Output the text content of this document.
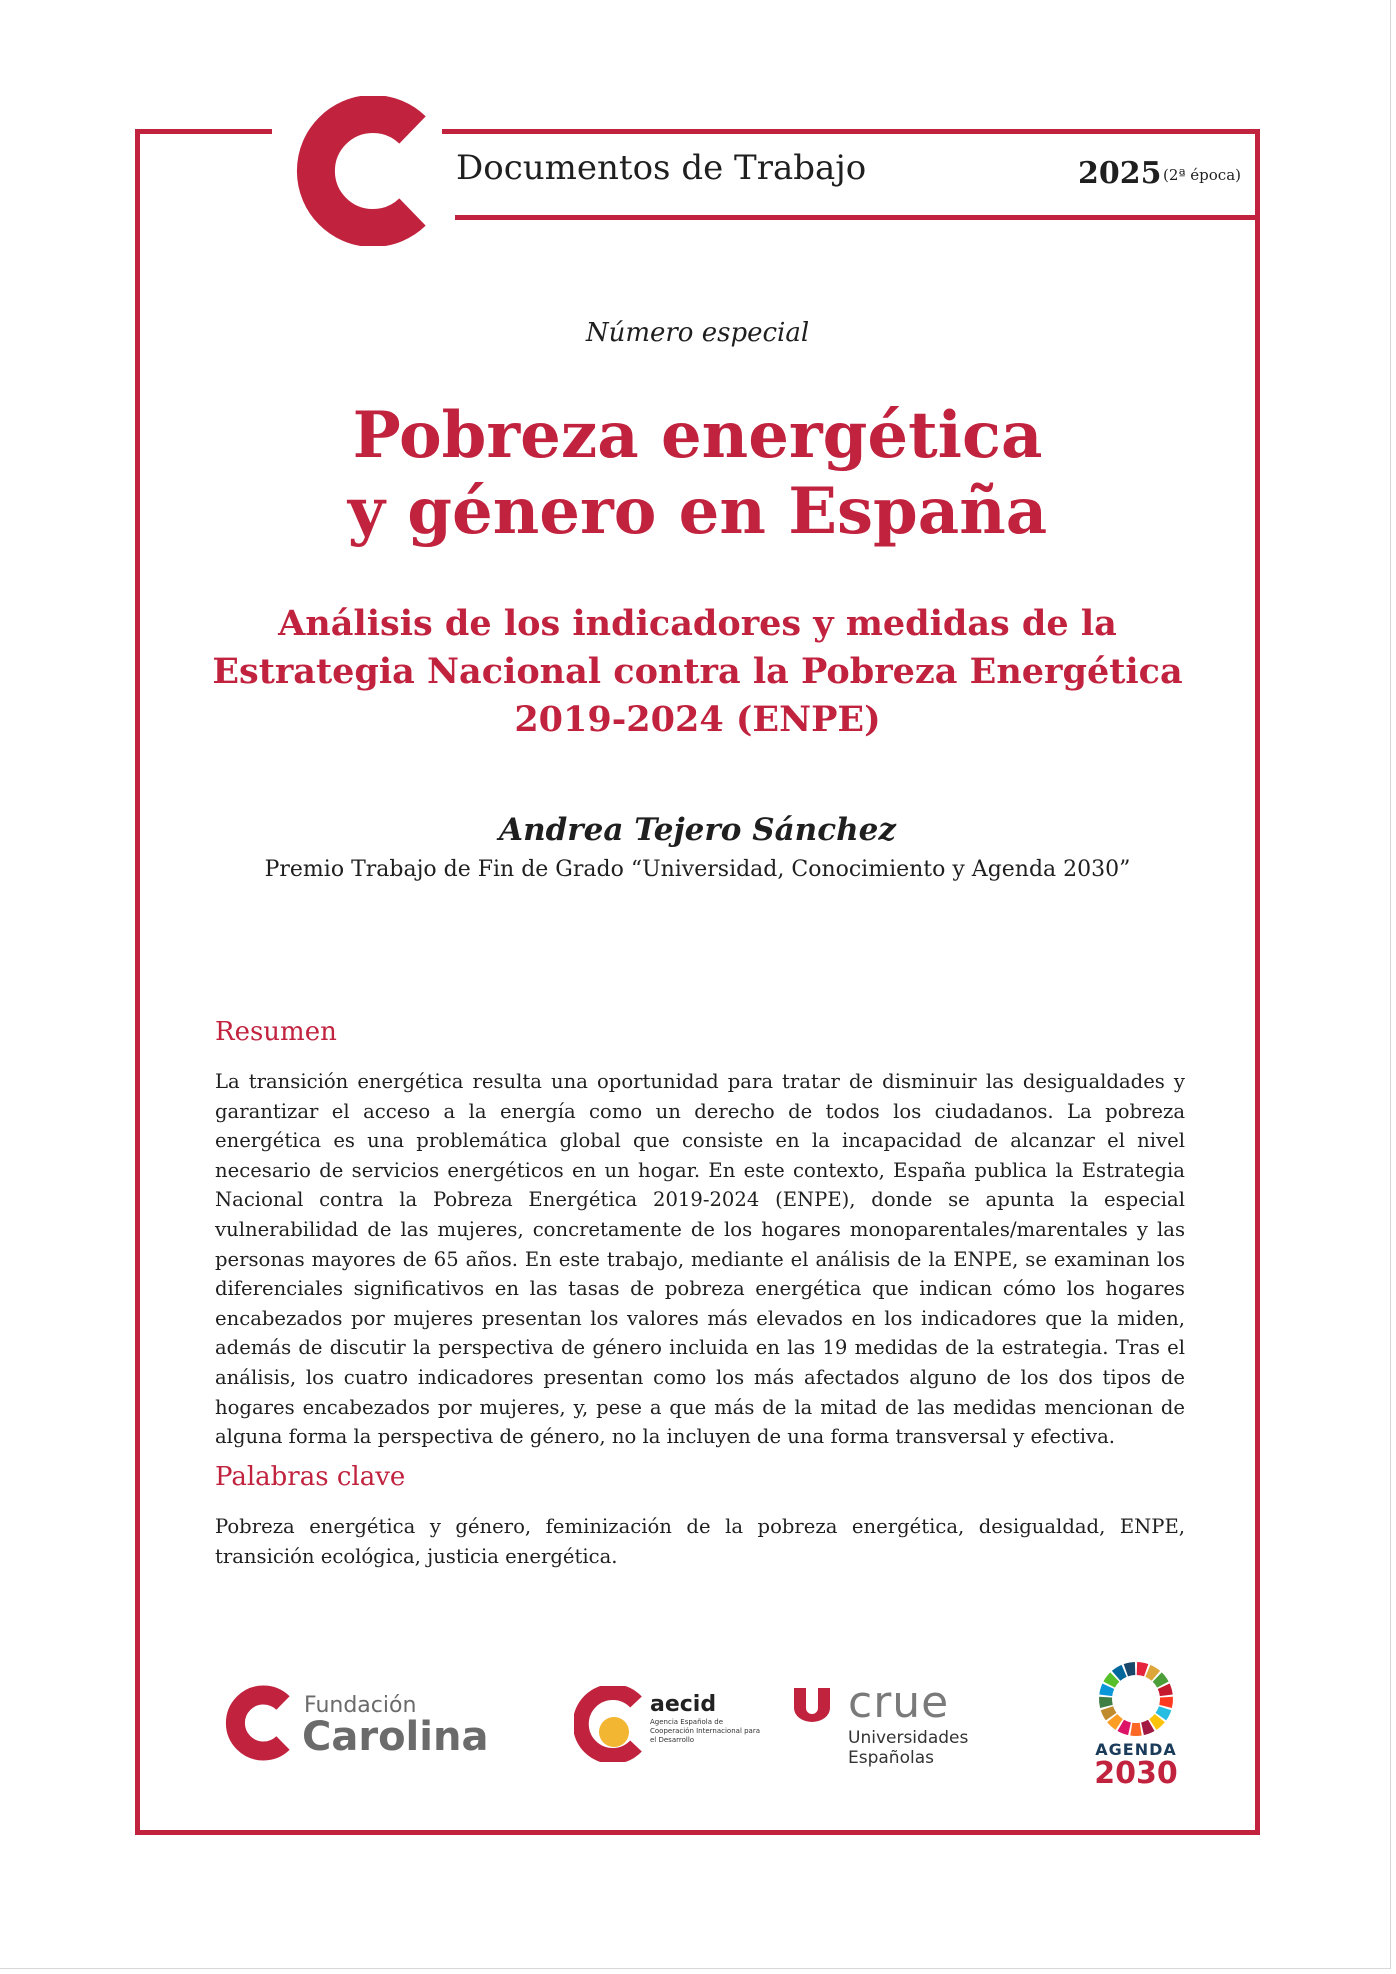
Documentos de Trabajo	2025 (2ª época)
Número especial
Pobreza energética
y género en España
Análisis de los indicadores y medidas de la
Estrategia Nacional contra la Pobreza Energética
2019-2024 (ENPE)
Andrea Tejero Sánchez
Premio Trabajo de Fin de Grado “Universidad, Conocimiento y Agenda 2030”
Resumen
La transición energética resulta una oportunidad para tratar de disminuir las desigualdades y garantizar el acceso a la energía como un derecho de todos los ciudadanos. La pobreza energética es una problemática global que consiste en la incapacidad de alcanzar el nivel necesario de servicios energéticos en un hogar. En este contexto, España publica la Estrategia Nacional contra la Pobreza Energética 2019-2024 (ENPE), donde se apunta la especial vulnerabilidad de las mujeres, concretamente de los hogares monoparentales/marentales y las personas mayores de 65 años. En este trabajo, mediante el análisis de la ENPE, se examinan los diferenciales significativos en las tasas de pobreza energética que indican cómo los hogares encabezados por mujeres presentan los valores más elevados en los indicadores que la miden, además de discutir la perspectiva de género incluida en las 19 medidas de la estrategia. Tras el análisis, los cuatro indicadores presentan como los más afectados alguno de los dos tipos de hogares encabezados por mujeres, y, pese a que más de la mitad de las medidas mencionan de alguna forma la perspectiva de género, no la incluyen de una forma transversal y efectiva.
Palabras clave
Pobreza energética y género, feminización de la pobreza energética, desigualdad, ENPE, transición ecológica, justicia energética.
Fundación
Carolina
aecid
Agencia Española de Cooperación Internacional para el Desarrollo
crue
Universidades
Españolas	AGENDA
2030
